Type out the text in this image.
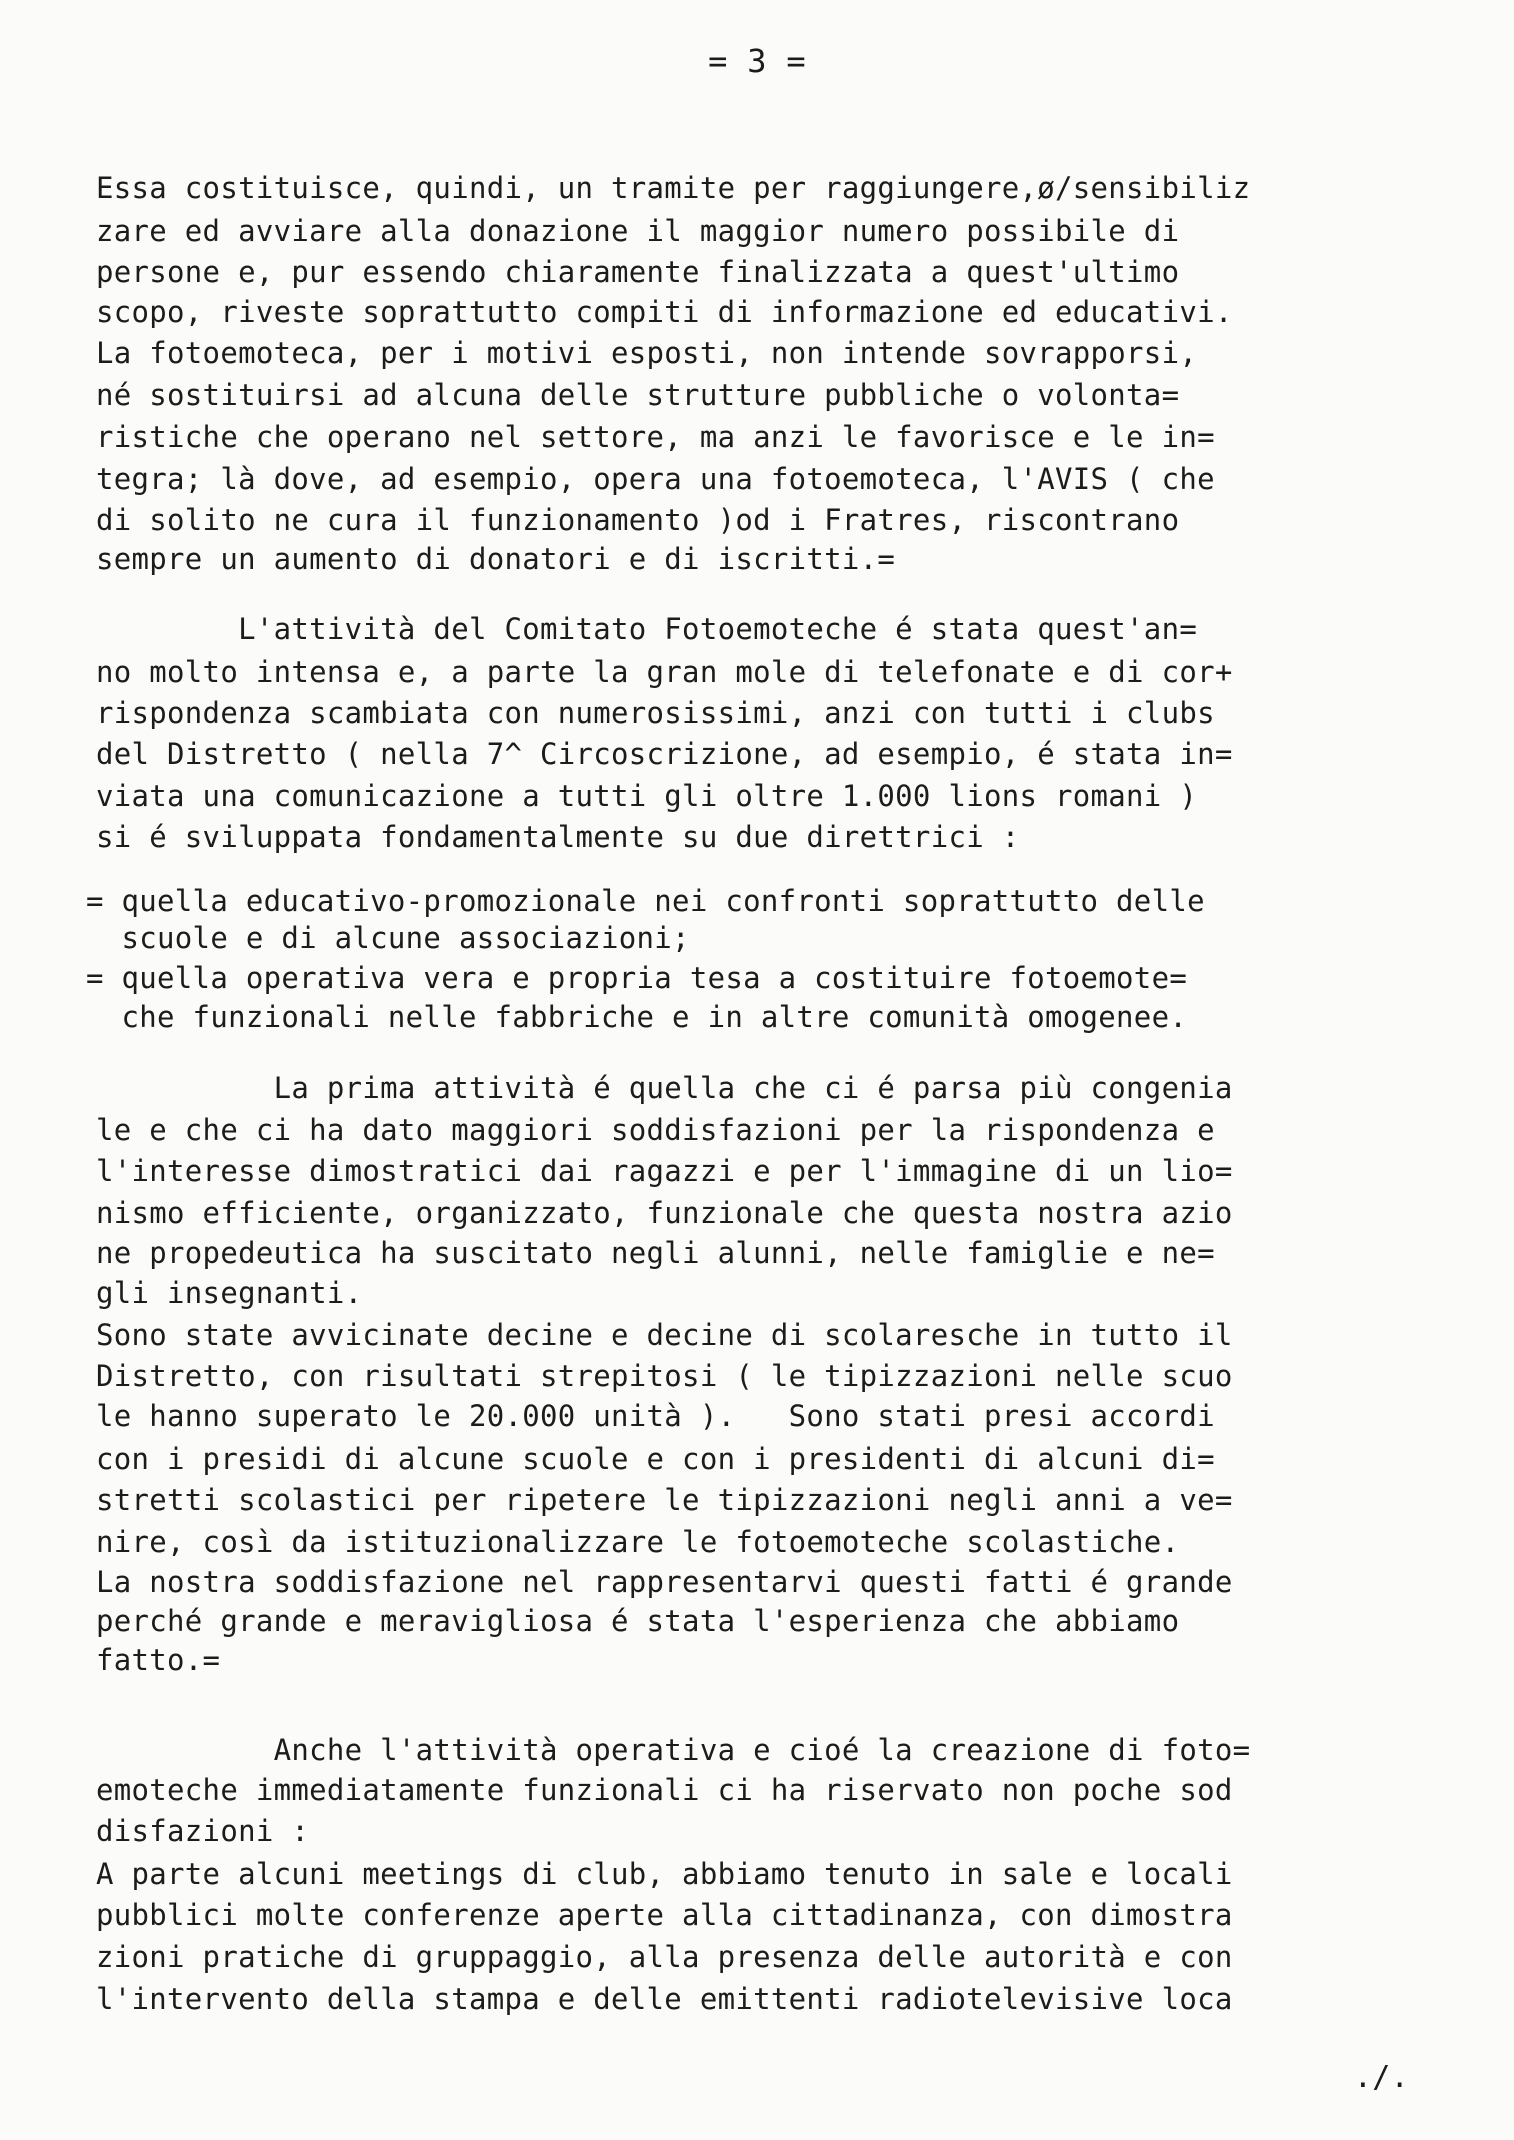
= 3 =
Essa costituisce, quindi, un tramite per raggiungere,ø/sensibiliz
zare ed avviare alla donazione il maggior numero possibile di
persone e, pur essendo chiaramente finalizzata a quest'ultimo
scopo, riveste soprattutto compiti di informazione ed educativi.
La fotoemoteca, per i motivi esposti, non intende sovrapporsi,
né sostituirsi ad alcuna delle strutture pubbliche o volonta=
ristiche che operano nel settore, ma anzi le favorisce e le in=
tegra; là dove, ad esempio, opera una fotoemoteca, l'AVIS ( che
di solito ne cura il funzionamento )od i Fratres, riscontrano
sempre un aumento di donatori e di iscritti.=
L'attività del Comitato Fotoemoteche é stata quest'an=
no molto intensa e, a parte la gran mole di telefonate e di cor+
rispondenza scambiata con numerosissimi, anzi con tutti i clubs
del Distretto ( nella 7^ Circoscrizione, ad esempio, é stata in=
viata una comunicazione a tutti gli oltre 1.000 lions romani )
si é sviluppata fondamentalmente su due direttrici :
= quella educativo-promozionale nei confronti soprattutto delle
scuole e di alcune associazioni;
= quella operativa vera e propria tesa a costituire fotoemote=
che funzionali nelle fabbriche e in altre comunità omogenee.
La prima attività é quella che ci é parsa più congenia
le e che ci ha dato maggiori soddisfazioni per la rispondenza e
l'interesse dimostratici dai ragazzi e per l'immagine di un lio=
nismo efficiente, organizzato, funzionale che questa nostra azio
ne propedeutica ha suscitato negli alunni, nelle famiglie e ne=
gli insegnanti.
Sono state avvicinate decine e decine di scolaresche in tutto il
Distretto, con risultati strepitosi ( le tipizzazioni nelle scuo
le hanno superato le 20.000 unità ).   Sono stati presi accordi
con i presidi di alcune scuole e con i presidenti di alcuni di=
stretti scolastici per ripetere le tipizzazioni negli anni a ve=
nire, così da istituzionalizzare le fotoemoteche scolastiche.
La nostra soddisfazione nel rappresentarvi questi fatti é grande
perché grande e meravigliosa é stata l'esperienza che abbiamo
fatto.=
Anche l'attività operativa e cioé la creazione di foto=
emoteche immediatamente funzionali ci ha riservato non poche sod
disfazioni :
A parte alcuni meetings di club, abbiamo tenuto in sale e locali
pubblici molte conferenze aperte alla cittadinanza, con dimostra
zioni pratiche di gruppaggio, alla presenza delle autorità e con
l'intervento della stampa e delle emittenti radiotelevisive loca
./.
